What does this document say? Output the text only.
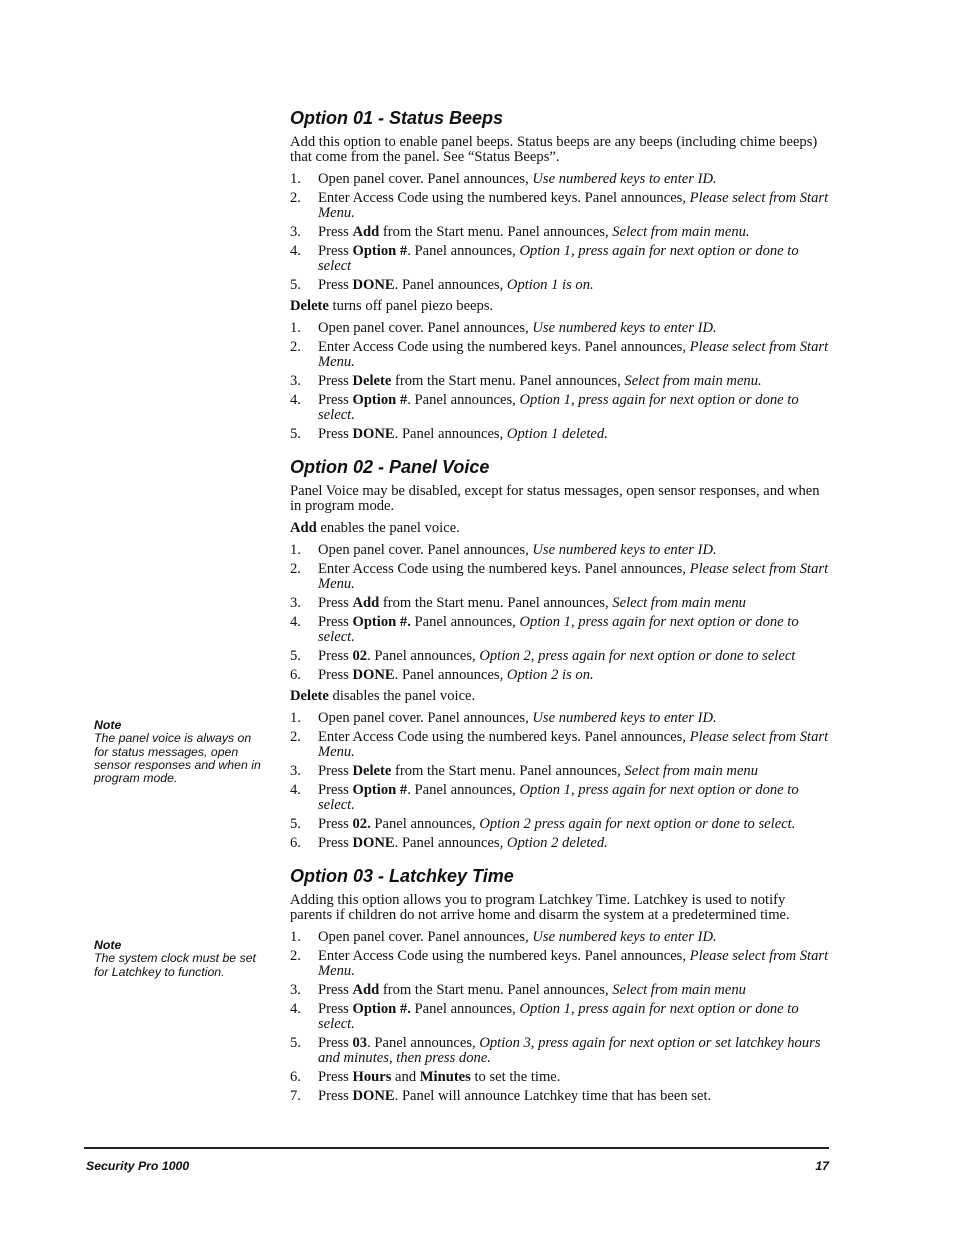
Option 01 - Status Beeps

Add this option to enable panel beeps. Status beeps are any beeps (including chime beeps) that come from the panel. See “Status Beeps”.

1.	Open panel cover. Panel announces, Use numbered keys to enter ID.
2.	Enter Access Code using the numbered keys. Panel announces, Please select from Start Menu.
3.	Press Add from the Start menu. Panel announces, Select from main menu.
4.	Press Option #. Panel announces, Option 1, press again for next option or done to select
5.	Press DONE. Panel announces, Option 1 is on.

Delete turns off panel piezo beeps.

1.	Open panel cover. Panel announces, Use numbered keys to enter ID.
2.	Enter Access Code using the numbered keys. Panel announces, Please select from Start Menu.
3.	Press Delete from the Start menu. Panel announces, Select from main menu.
4.	Press Option #. Panel announces, Option 1, press again for next option or done to select.
5.	Press DONE. Panel announces, Option 1 deleted.
Option 02 - Panel Voice

Panel Voice may be disabled, except for status messages, open sensor responses, and when in program mode.

Add enables the panel voice.

1.	Open panel cover. Panel announces, Use numbered keys to enter ID.
2.	Enter Access Code using the numbered keys. Panel announces, Please select from Start Menu.
3.	Press Add from the Start menu. Panel announces, Select from main menu
4.	Press Option #. Panel announces, Option 1, press again for next option or done to select.
5.	Press 02. Panel announces, Option 2, press again for next option or done to select
6.	Press DONE. Panel announces, Option 2 is on.

Delete disables the panel voice.

1.	Open panel cover. Panel announces, Use numbered keys to enter ID.
2.	Enter Access Code using the numbered keys. Panel announces, Please select from Start Menu.
3.	Press Delete from the Start menu. Panel announces, Select from main menu
4.	Press Option #. Panel announces, Option 1, press again for next option or done to select.
5.	Press 02. Panel announces, Option 2 press again for next option or done to select.
6.	Press DONE. Panel announces, Option 2 deleted.
Option 03 - Latchkey Time

Adding this option allows you to program Latchkey Time. Latchkey is used to notify parents if children do not arrive home and disarm the system at a predetermined time.

1.	Open panel cover. Panel announces, Use numbered keys to enter ID.
2.	Enter Access Code using the numbered keys. Panel announces, Please select from Start Menu.
3.	Press Add from the Start menu. Panel announces, Select from main menu
4.	Press Option #. Panel announces, Option 1, press again for next option or done to select.
5.	Press 03. Panel announces, Option 3, press again for next option or set latchkey hours and minutes, then press done.
6.	Press Hours and Minutes to set the time.
7.	Press DONE. Panel will announce Latchkey time that has been set.
Note
The panel voice is always on for status messages, open sensor responses and when in program mode.
Note
The system clock must be set for Latchkey to function.
Security Pro 1000	17
